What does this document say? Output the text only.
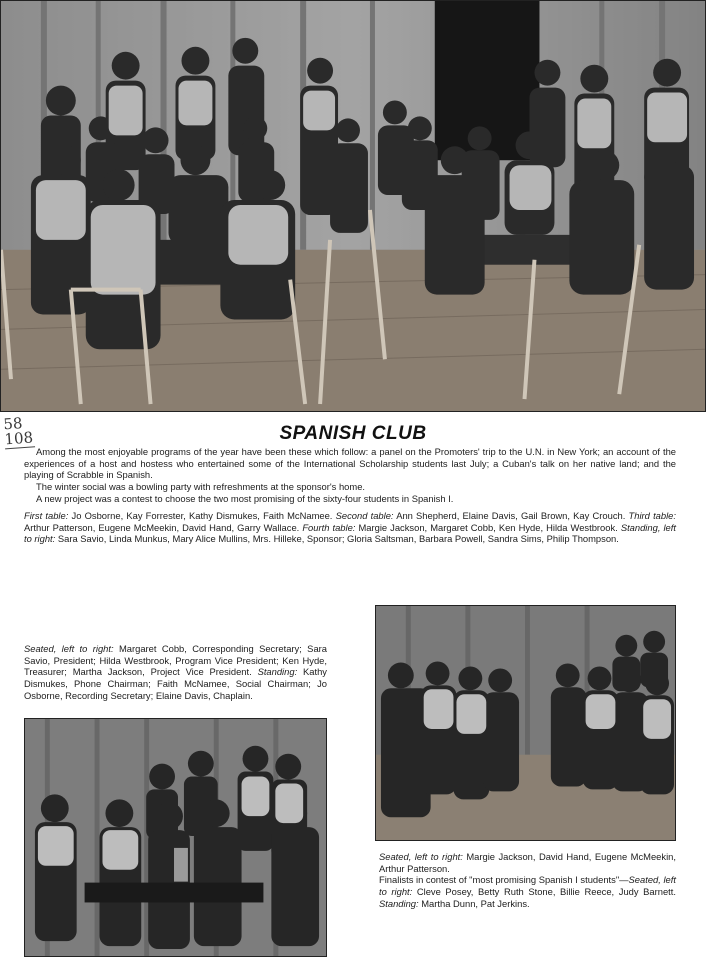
58
108	SPANISH CLUB

Among the most enjoyable programs of the year have been these which follow: a panel on the Promoters' trip to the U.N. in New York; an account of the experiences of a host and hostess who entertained some of the International Scholarship students last July; a Cuban's talk on her native land; and the playing of Scrabble in Spanish.

The winter social was a bowling party with refreshments at the sponsor's home.

A new project was a contest to choose the two most promising of the sixty-four students in Spanish I.

First table: Jo Osborne, Kay Forrester, Kathy Dismukes, Faith McNamee. Second table: Ann Shepherd, Elaine Davis, Gail Brown, Kay Crouch. Third table: Arthur Patterson, Eugene McMeekin, David Hand, Garry Wallace. Fourth table: Margie Jackson, Margaret Cobb, Ken Hyde, Hilda Westbrook. Standing, left to right: Sara Savio, Linda Munkus, Mary Alice Mullins, Mrs. Hilleke, Sponsor; Gloria Saltsman, Barbara Powell, Sandra Sims, Philip Thompson.
Seated, left to right: Margaret Cobb, Corresponding Secretary; Sara Savio, President; Hilda Westbrook, Program Vice President; Ken Hyde, Treasurer; Martha Jackson, Project Vice President. Standing: Kathy Dismukes, Phone Chairman; Faith McNamee, Social Chairman; Jo Osborne, Recording Secretary; Elaine Davis, Chaplain.
Seated, left to right: Margie Jackson, David Hand, Eugene McMeekin, Arthur Patterson.
Finalists in contest of "most promising Spanish I students"—Seated, left to right: Cleve Posey, Betty Ruth Stone, Billie Reece, Judy Barnett. Standing: Martha Dunn, Pat Jerkins.
